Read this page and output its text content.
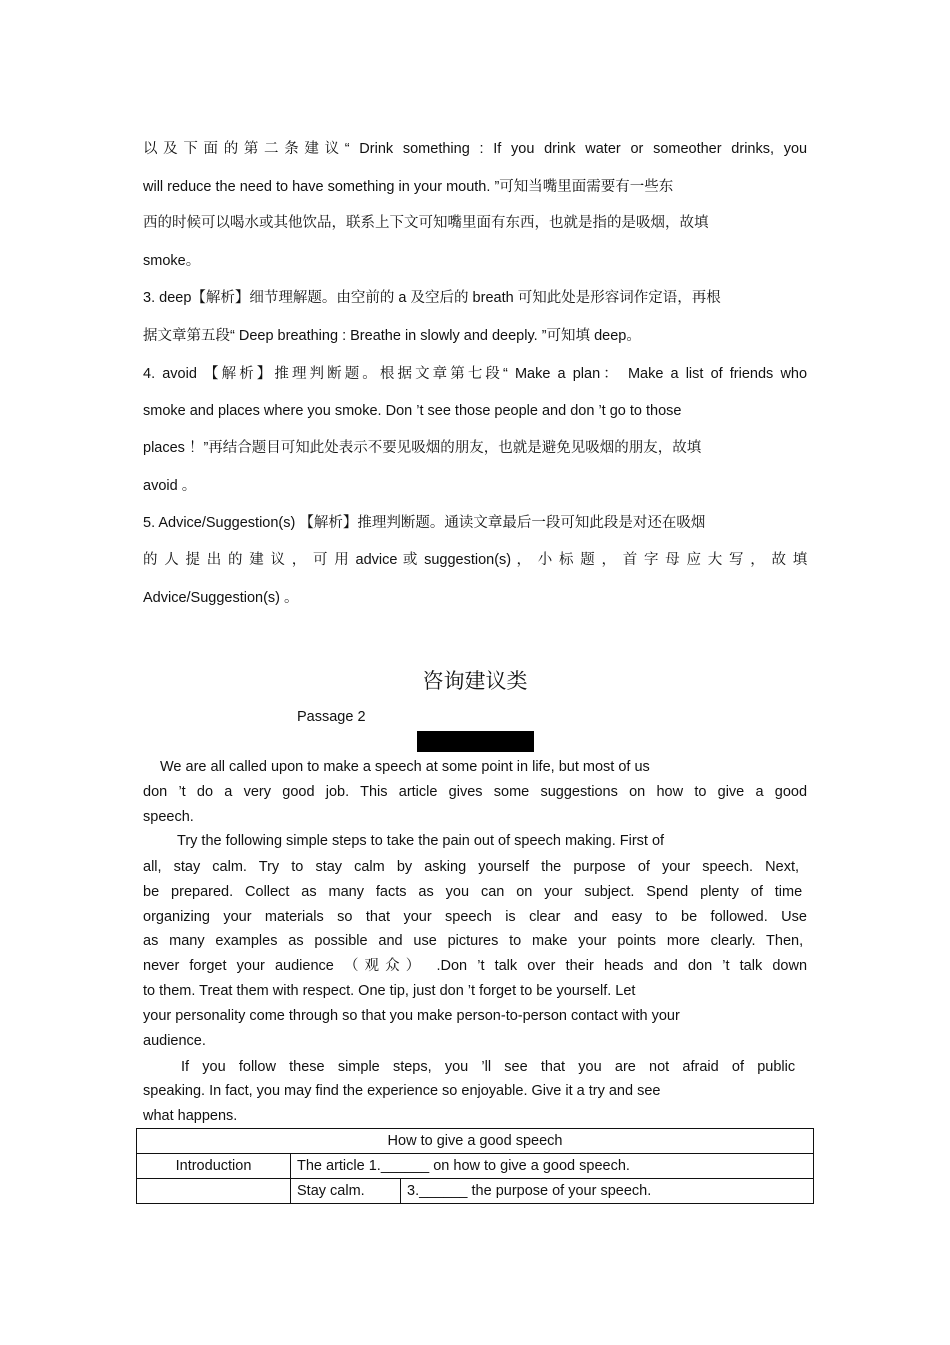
以及下面的第二条建议“ Drink something : If you drink water or someother drinks, you
will reduce the need to have something in your mouth. ”可知当嘴里面需要有一些东
西的时候可以喝水或其他饮品，联系上下文可知嘴里面有东西，也就是指的是吸烟，故填
smoke。
3. deep【解析】细节理解题。由空前的 a 及空后的 breath 可知此处是形容词作定语，再根
据文章第五段“ Deep breathing : Breathe in slowly and deeply. ”可知填 deep。
4. avoid 【解析】推理判断题。根据文章第七段“ Make a plan： Make a list of friends who
smoke and places where you smoke. Don ’t see those people and don ’t go to those
places ！”再结合题目可知此处表示不要见吸烟的朋友，也就是避免见吸烟的朋友，故填
avoid 。
5. Advice/Suggestion(s) 【解析】推理判断题。通读文章最后一段可知此段是对还在吸烟
的 人 提 出 的 建 议 ， 可 用 advice 或 suggestion(s) ， 小 标 题 ， 首 字 母 应 大 写 ， 故 填
Advice/Suggestion(s) 。
咨询建议类
Passage 2
We are all called upon to make a speech at some point in life, but most of us
don ’t do a very good job. This article gives some suggestions on how to give a good
speech.
Try the following simple steps to take the pain out of speech making. First of
all, stay calm. Try to stay calm by asking yourself the purpose of your speech. Next,
be prepared. Collect as many facts as you can on your subject. Spend plenty of time
organizing your materials so that your speech is clear and easy to be followed. Use
as many examples as possible and use pictures to make your points more clearly. Then,
never forget your audience （观众） .Don ’t talk over their heads and don ’t talk down
to them. Treat them with respect. One tip, just don ’t forget to be yourself. Let
your personality come through so that you make person-to-person contact with your
audience.
If you follow these simple steps, you ’ll see that you are not afraid of public
speaking. In fact, you may find the experience so enjoyable. Give it a try and see
what happens.
How to give a good speech		
Introduction	The article 1.______ on how to give a good speech.	
	Stay calm.	3.______ the purpose of your speech.
